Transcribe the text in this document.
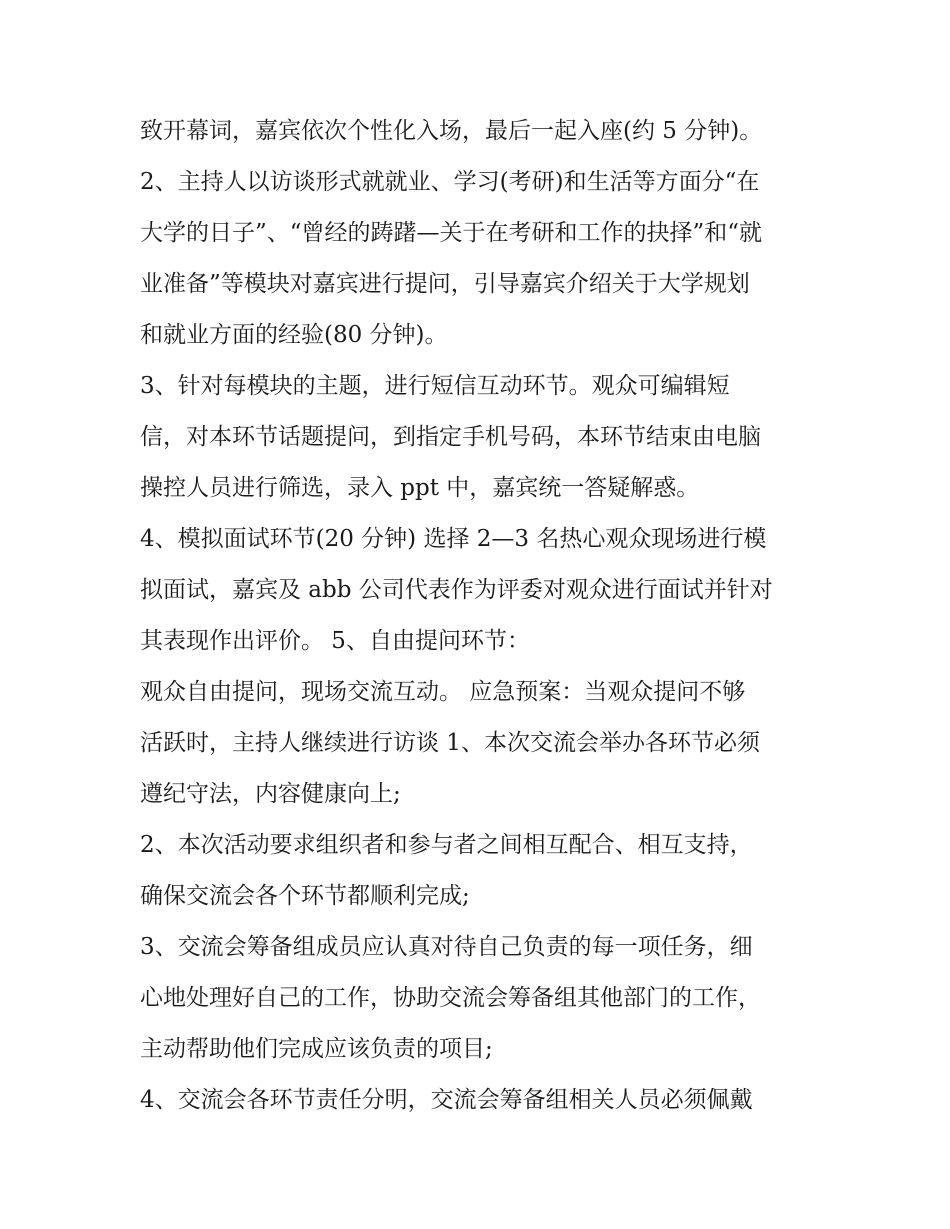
致开幕词，嘉宾依次个性化入场，最后一起入座(约 5 分钟)。

2、主持人以访谈形式就就业、学习(考研)和生活等方面分“在

大学的日子”、“曾经的踌躇—关于在考研和工作的抉择”和“就

业准备”等模块对嘉宾进行提问，引导嘉宾介绍关于大学规划

和就业方面的经验(80 分钟)。

3、针对每模块的主题，进行短信互动环节。观众可编辑短

信，对本环节话题提问，到指定手机号码，本环节结束由电脑

操控人员进行筛选，录入 ppt 中，嘉宾统一答疑解惑。

4、模拟面试环节(20 分钟) 选择 2—3 名热心观众现场进行模

拟面试，嘉宾及 abb 公司代表作为评委对观众进行面试并针对

其表现作出评价。 5、自由提问环节：

观众自由提问，现场交流互动。 应急预案：当观众提问不够

活跃时，主持人继续进行访谈 1、本次交流会举办各环节必须

遵纪守法，内容健康向上;

2、本次活动要求组织者和参与者之间相互配合、相互支持，

确保交流会各个环节都顺利完成;

3、交流会筹备组成员应认真对待自己负责的每一项任务，细

心地处理好自己的工作，协助交流会筹备组其他部门的工作，

主动帮助他们完成应该负责的项目;

4、交流会各环节责任分明，交流会筹备组相关人员必须佩戴
